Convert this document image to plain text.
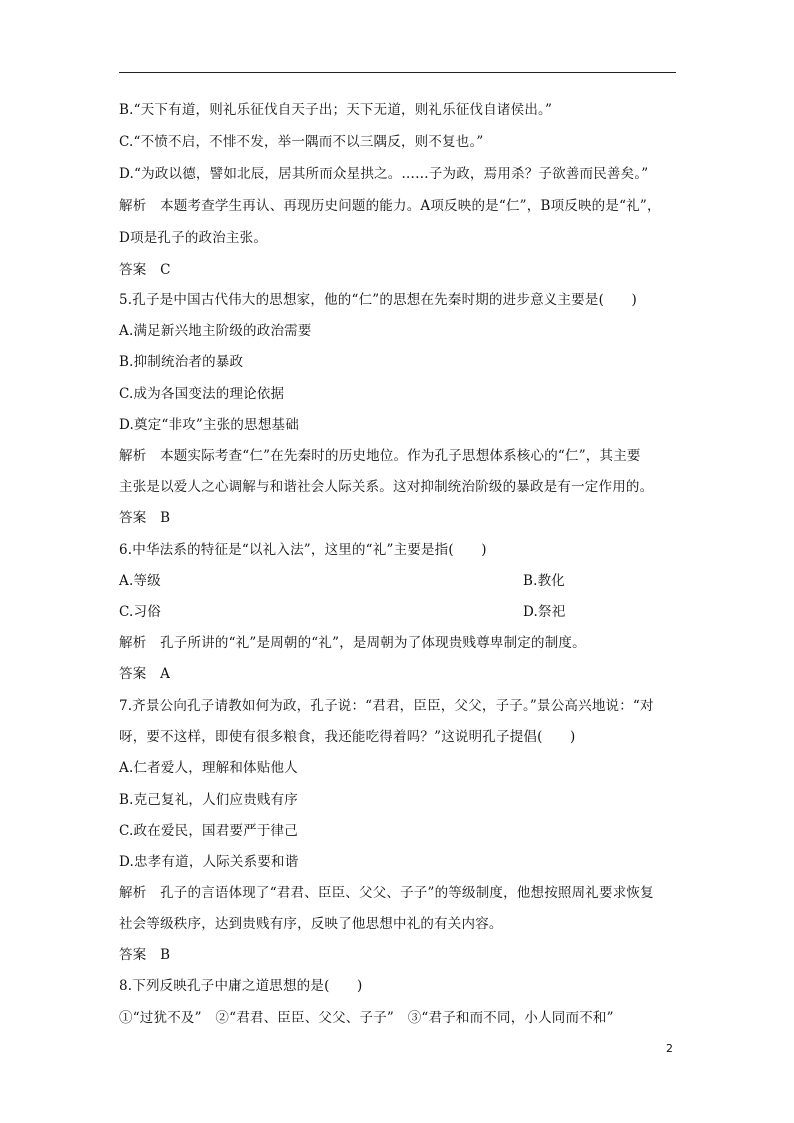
B.“天下有道，则礼乐征伐自天子出；天下无道，则礼乐征伐自诸侯出。”
C.“不愤不启，不悱不发，举一隅而不以三隅反，则不复也。”
D.“为政以德，譬如北辰，居其所而众星拱之。……子为政，焉用杀？子欲善而民善矣。”
解析　本题考查学生再认、再现历史问题的能力。A项反映的是“仁”，B项反映的是“礼”，
D项是孔子的政治主张。
答案　C
5.孔子是中国古代伟大的思想家，他的“仁”的思想在先秦时期的进步意义主要是(　　)
A.满足新兴地主阶级的政治需要
B.抑制统治者的暴政
C.成为各国变法的理论依据
D.奠定“非攻”主张的思想基础
解析　本题实际考查“仁”在先秦时的历史地位。作为孔子思想体系核心的“仁”，其主要
主张是以爱人之心调解与和谐社会人际关系。这对抑制统治阶级的暴政是有一定作用的。
答案　B
6.中华法系的特征是“以礼入法”，这里的“礼”主要是指(　　)
A.等级	B.教化
C.习俗	D.祭祀
解析　孔子所讲的“礼”是周朝的“礼”，是周朝为了体现贵贱尊卑制定的制度。
答案　A
7.齐景公向孔子请教如何为政，孔子说：“君君，臣臣，父父，子子。”景公高兴地说：“对
呀，要不这样，即使有很多粮食，我还能吃得着吗？”这说明孔子提倡(　　)
A.仁者爱人，理解和体贴他人
B.克己复礼，人们应贵贱有序
C.政在爱民，国君要严于律己
D.忠孝有道，人际关系要和谐
解析　孔子的言语体现了“君君、臣臣、父父、子子”的等级制度，他想按照周礼要求恢复
社会等级秩序，达到贵贱有序，反映了他思想中礼的有关内容。
答案　B
8.下列反映孔子中庸之道思想的是(　　)
①“过犹不及”　②“君君、臣臣、父父、子子”　③“君子和而不同，小人同而不和”
2
